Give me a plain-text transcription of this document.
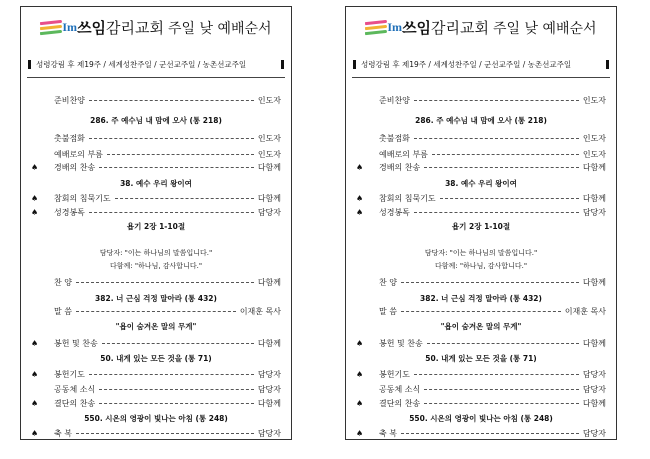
Im쓰임감리교회 주일 낮 예배순서
성령강림 후 제19주 / 세계성찬주일 / 군선교주일 / 농촌선교주일
준비찬양	인도자
286. 주 예수님 내 맘에 오사 (통 218)
촛불점화	인도자
예배로의 부름	인도자
♠ 경배의 찬송	다함께
38. 예수 우리 왕이여
♠ 참회의 침묵기도	다함께
♠ 성경봉독	담당자
욥기 2장 1-10절
담당자: "이는 하나님의 말씀입니다."
다함께: "하나님, 감사합니다."
찬 양	다함께
382. 너 근심 걱정 말아라 (통 432)
말 씀	이재훈 목사
"욥이 숨겨온 말의 무게"
♠ 봉헌 및 찬송	다함께
50. 내게 있는 모든 것을 (통 71)
♠ 봉헌기도	담당자
공동체 소식	담당자
♠ 결단의 찬송	다함께
550. 시온의 영광이 빛나는 아침 (통 248)
♠ 축 복	담당자
Im쓰임감리교회 주일 낮 예배순서
성령강림 후 제19주 / 세계성찬주일 / 군선교주일 / 농촌선교주일
준비찬양	인도자
286. 주 예수님 내 맘에 오사 (통 218)
촛불점화	인도자
예배로의 부름	인도자
♠ 경배의 찬송	다함께
38. 예수 우리 왕이여
♠ 참회의 침묵기도	다함께
♠ 성경봉독	담당자
욥기 2장 1-10절
담당자: "이는 하나님의 말씀입니다."
다함께: "하나님, 감사합니다."
찬 양	다함께
382. 너 근심 걱정 말아라 (통 432)
말 씀	이재훈 목사
"욥이 숨겨온 말의 무게"
♠ 봉헌 및 찬송	다함께
50. 내게 있는 모든 것을 (통 71)
♠ 봉헌기도	담당자
공동체 소식	담당자
♠ 결단의 찬송	다함께
550. 시온의 영광이 빛나는 아침 (통 248)
♠ 축 복	담당자
